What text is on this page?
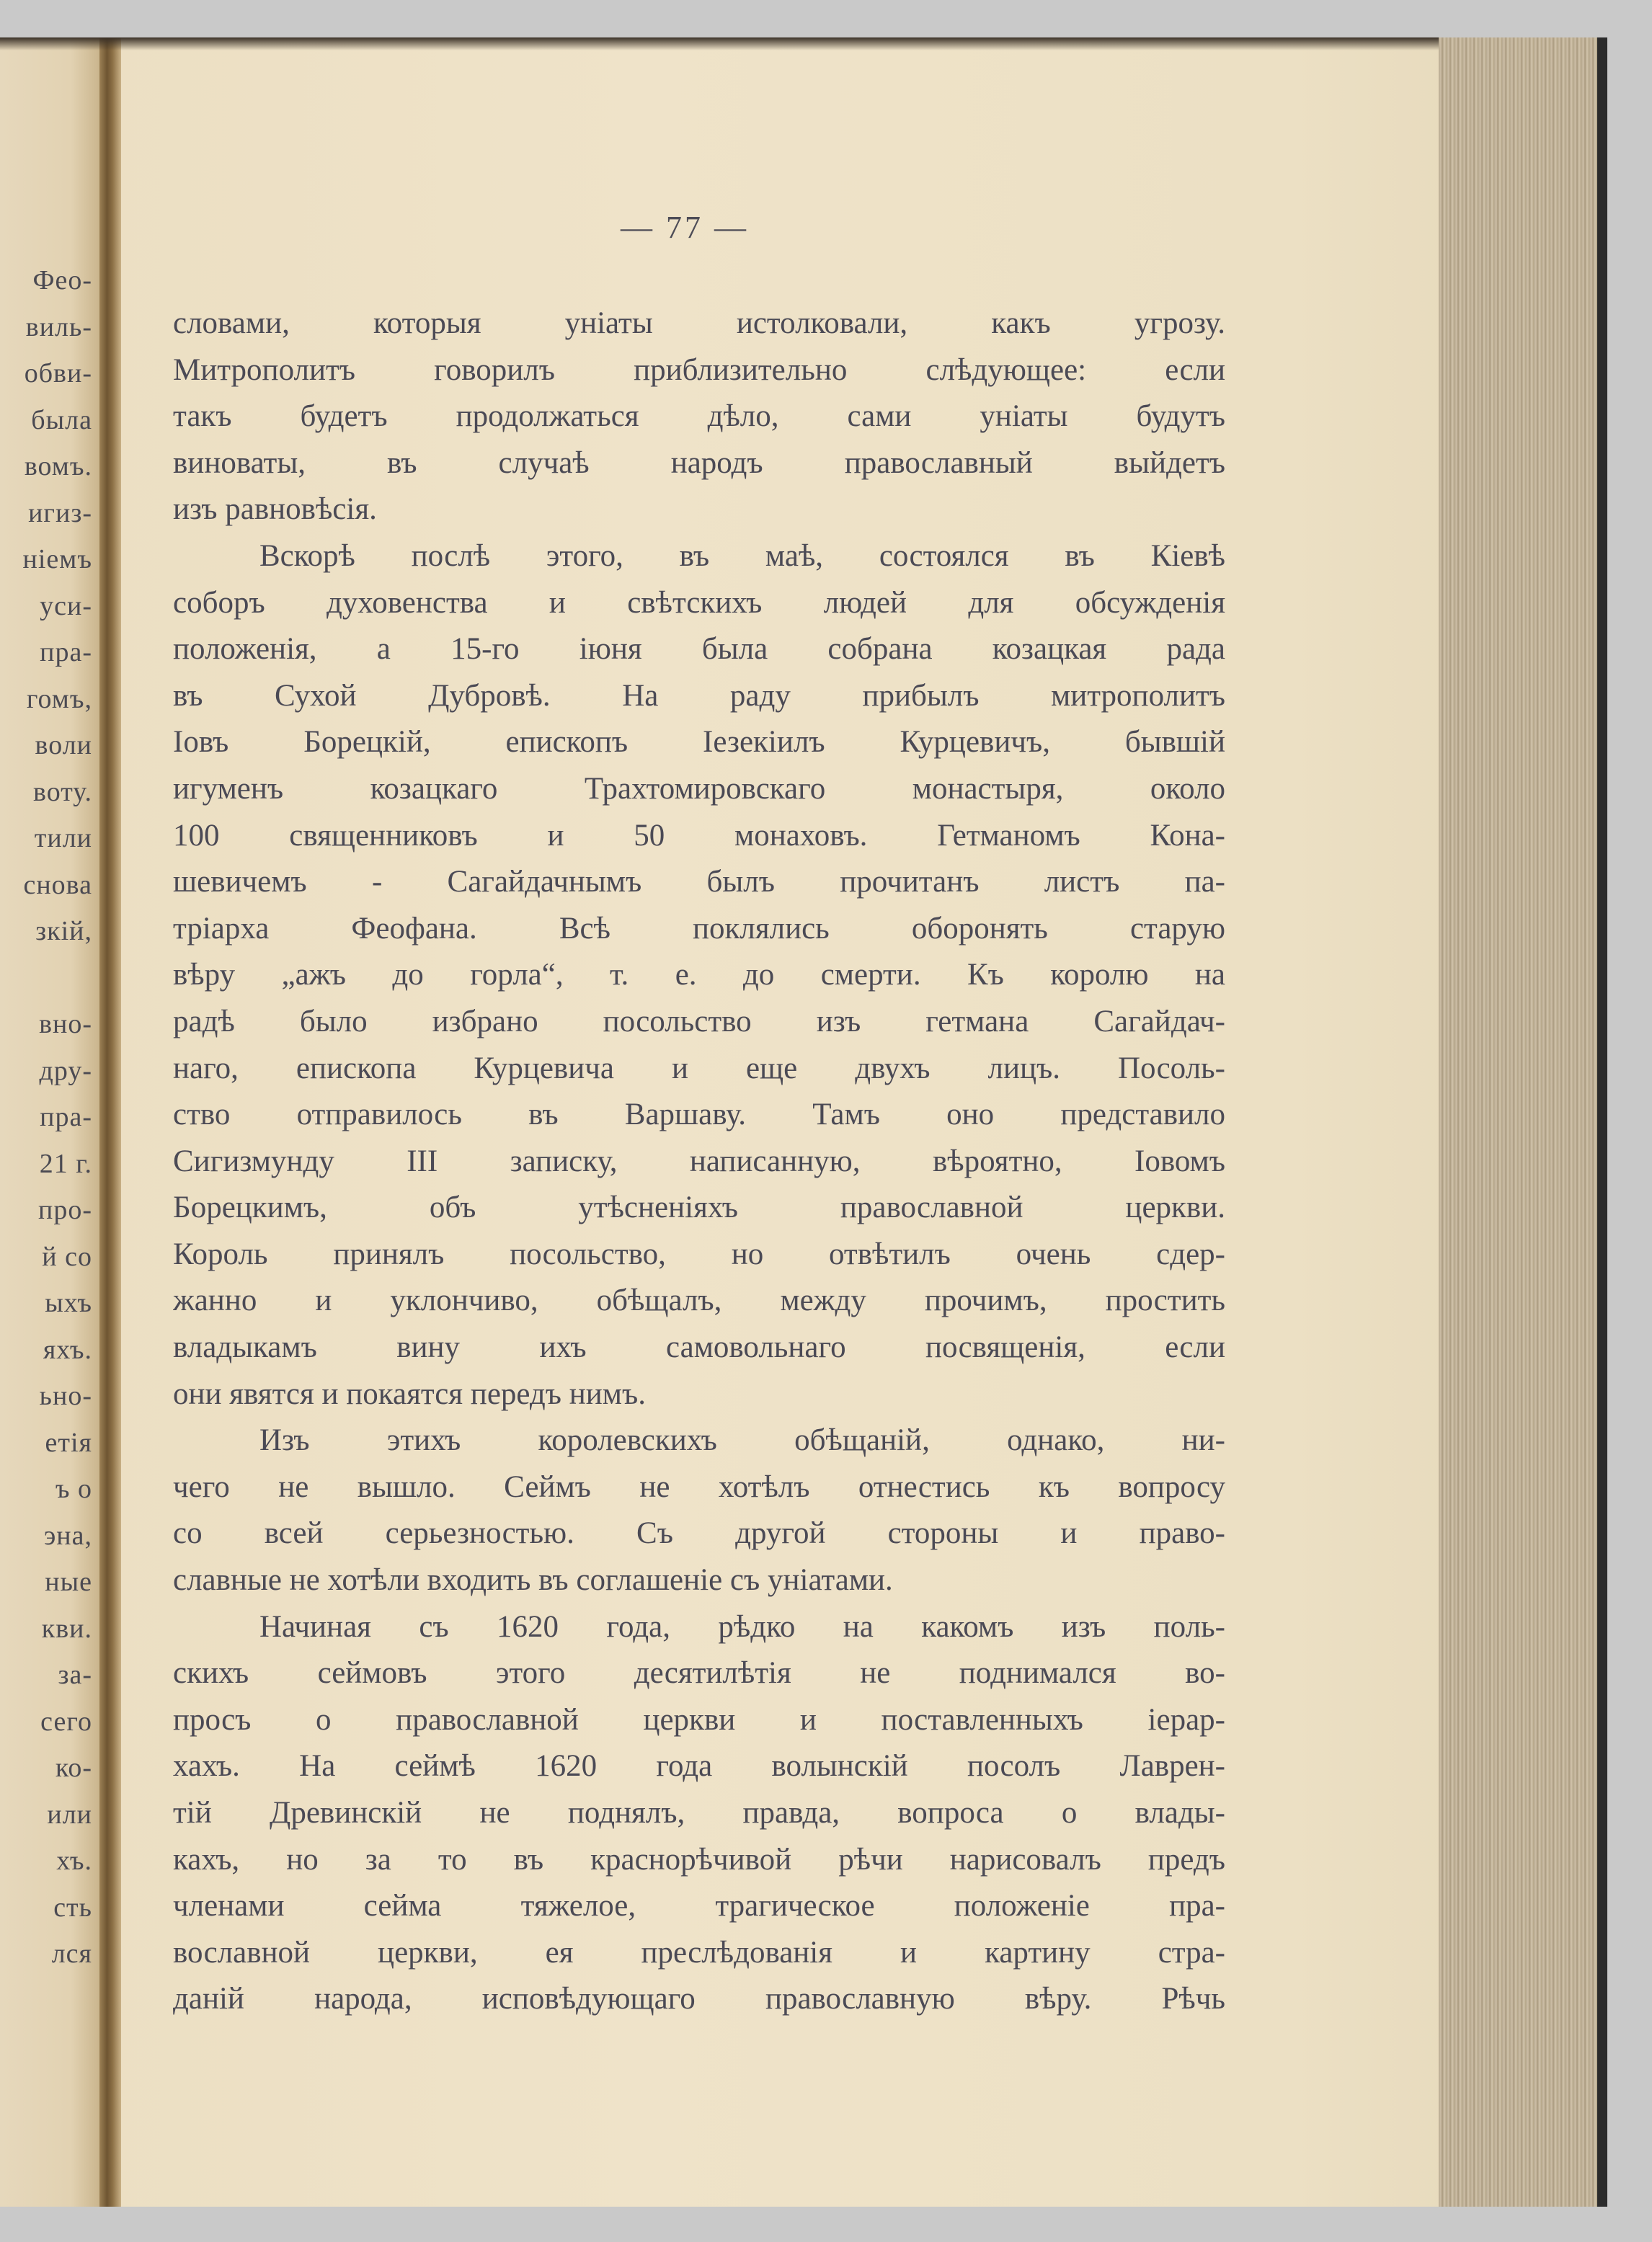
Фео-
виль-
обви-
была
вомъ.
игиз-
ніемъ
уси-
пра-
гомъ,
воли
воту.
тили
снова
зкій,
вно-
дру-
пра-
21 г.
про-
й со
ыхъ
яхъ.
ьно-
етія
ъ о
эна,
ныe
кви.
за-
сего
ко-
или
хъ.
сть
лся
— 77 —
словами, которыя уніаты истолковали, какъ угрозу.
Митрополитъ говорилъ приблизительно слѣдующее: если
такъ будетъ продолжаться дѣло, сами уніаты будутъ
виноваты, въ случаѣ народъ православный выйдетъ
изъ равновѣсія.
Вскорѣ послѣ этого, въ маѣ, состоялся въ Кіевѣ
соборъ духовенства и свѣтскихъ людей для обсужденія
положенія, а 15-го іюня была собрана козацкая рада
въ Сухой Дубровѣ. На раду прибылъ митрополитъ
Іовъ Борецкій, епископъ Іезекіилъ Курцевичъ, бывшій
игуменъ козацкаго Трахтомировскаго монастыря, около
100 священниковъ и 50 монаховъ. Гетманомъ Кона-
шевичемъ - Сагайдачнымъ былъ прочитанъ листъ па-
тріарха Феофана. Всѣ поклялись оборонять старую
вѣру „ажъ до горла“, т. е. до смерти. Къ королю на
радѣ было избрано посольство изъ гетмана Сагайдач-
наго, епископа Курцевича и еще двухъ лицъ. Посоль-
ство отправилось въ Варшаву. Тамъ оно представило
Сигизмунду III записку, написанную, вѣроятно, Іовомъ
Борецкимъ, объ утѣсненіяхъ православной церкви.
Король принялъ посольство, но отвѣтилъ очень сдер-
жанно и уклончиво, обѣщалъ, между прочимъ, простить
владыкамъ вину ихъ самовольнаго посвященія, если
они явятся и покаятся передъ нимъ.
Изъ этихъ королевскихъ обѣщаній, однако, ни-
чего не вышло. Сеймъ не хотѣлъ отнестись къ вопросу
со всей серьезностью. Съ другой стороны и право-
славные не хотѣли входить въ соглашеніе съ уніатами.
Начиная съ 1620 года, рѣдко на какомъ изъ поль-
скихъ сеймовъ этого десятилѣтія не поднимался во-
просъ о православной церкви и поставленныхъ іерар-
хахъ. На сеймѣ 1620 года волынскій посолъ Лаврен-
тій Древинскій не поднялъ, правда, вопроса о влады-
кахъ, но за то въ краснорѣчивой рѣчи нарисовалъ предъ
членами сейма тяжелое, трагическое положеніе пра-
вославной церкви, ея преслѣдованія и картину стра-
даній народа, исповѣдующаго православную вѣру. Рѣчь
